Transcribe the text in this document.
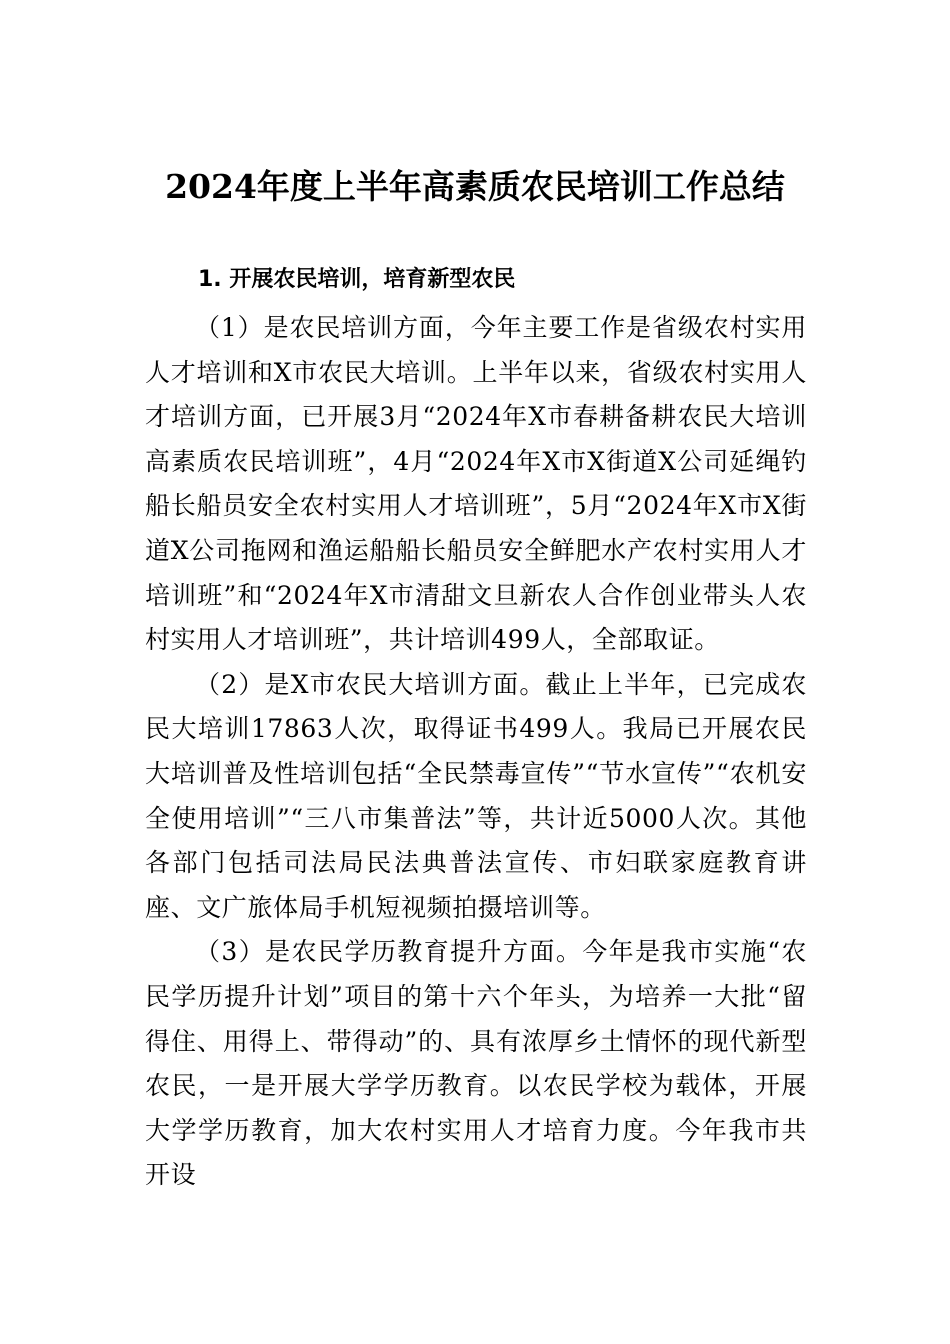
2024年度上半年高素质农民培训工作总结
1. 开展农民培训，培育新型农民

（1）是农民培训方面，今年主要工作是省级农村实用人才培训和X市农民大培训。上半年以来，省级农村实用人才培训方面，已开展3月“2024年X市春耕备耕农民大培训高素质农民培训班”，4月“2024年X市X街道X公司延绳钓船长船员安全农村实用人才培训班”，5月“2024年X市X街道X公司拖网和渔运船船长船员安全鲜肥水产农村实用人才培训班”和“2024年X市清甜文旦新农人合作创业带头人农村实用人才培训班”，共计培训499人，全部取证。

（2）是X市农民大培训方面。截止上半年，已完成农民大培训17863人次，取得证书499人。我局已开展农民大培训普及性培训包括“全民禁毒宣传”“节水宣传”“农机安全使用培训”“三八市集普法”等，共计近5000人次。其他各部门包括司法局民法典普法宣传、市妇联家庭教育讲座、文广旅体局手机短视频拍摄培训等。

（3）是农民学历教育提升方面。今年是我市实施“农民学历提升计划”项目的第十六个年头，为培养一大批“留得住、用得上、带得动”的、具有浓厚乡土情怀的现代新型农民，一是开展大学学历教育。以农民学校为载体，开展大学学历教育，加大农村实用人才培育力度。今年我市共开设
